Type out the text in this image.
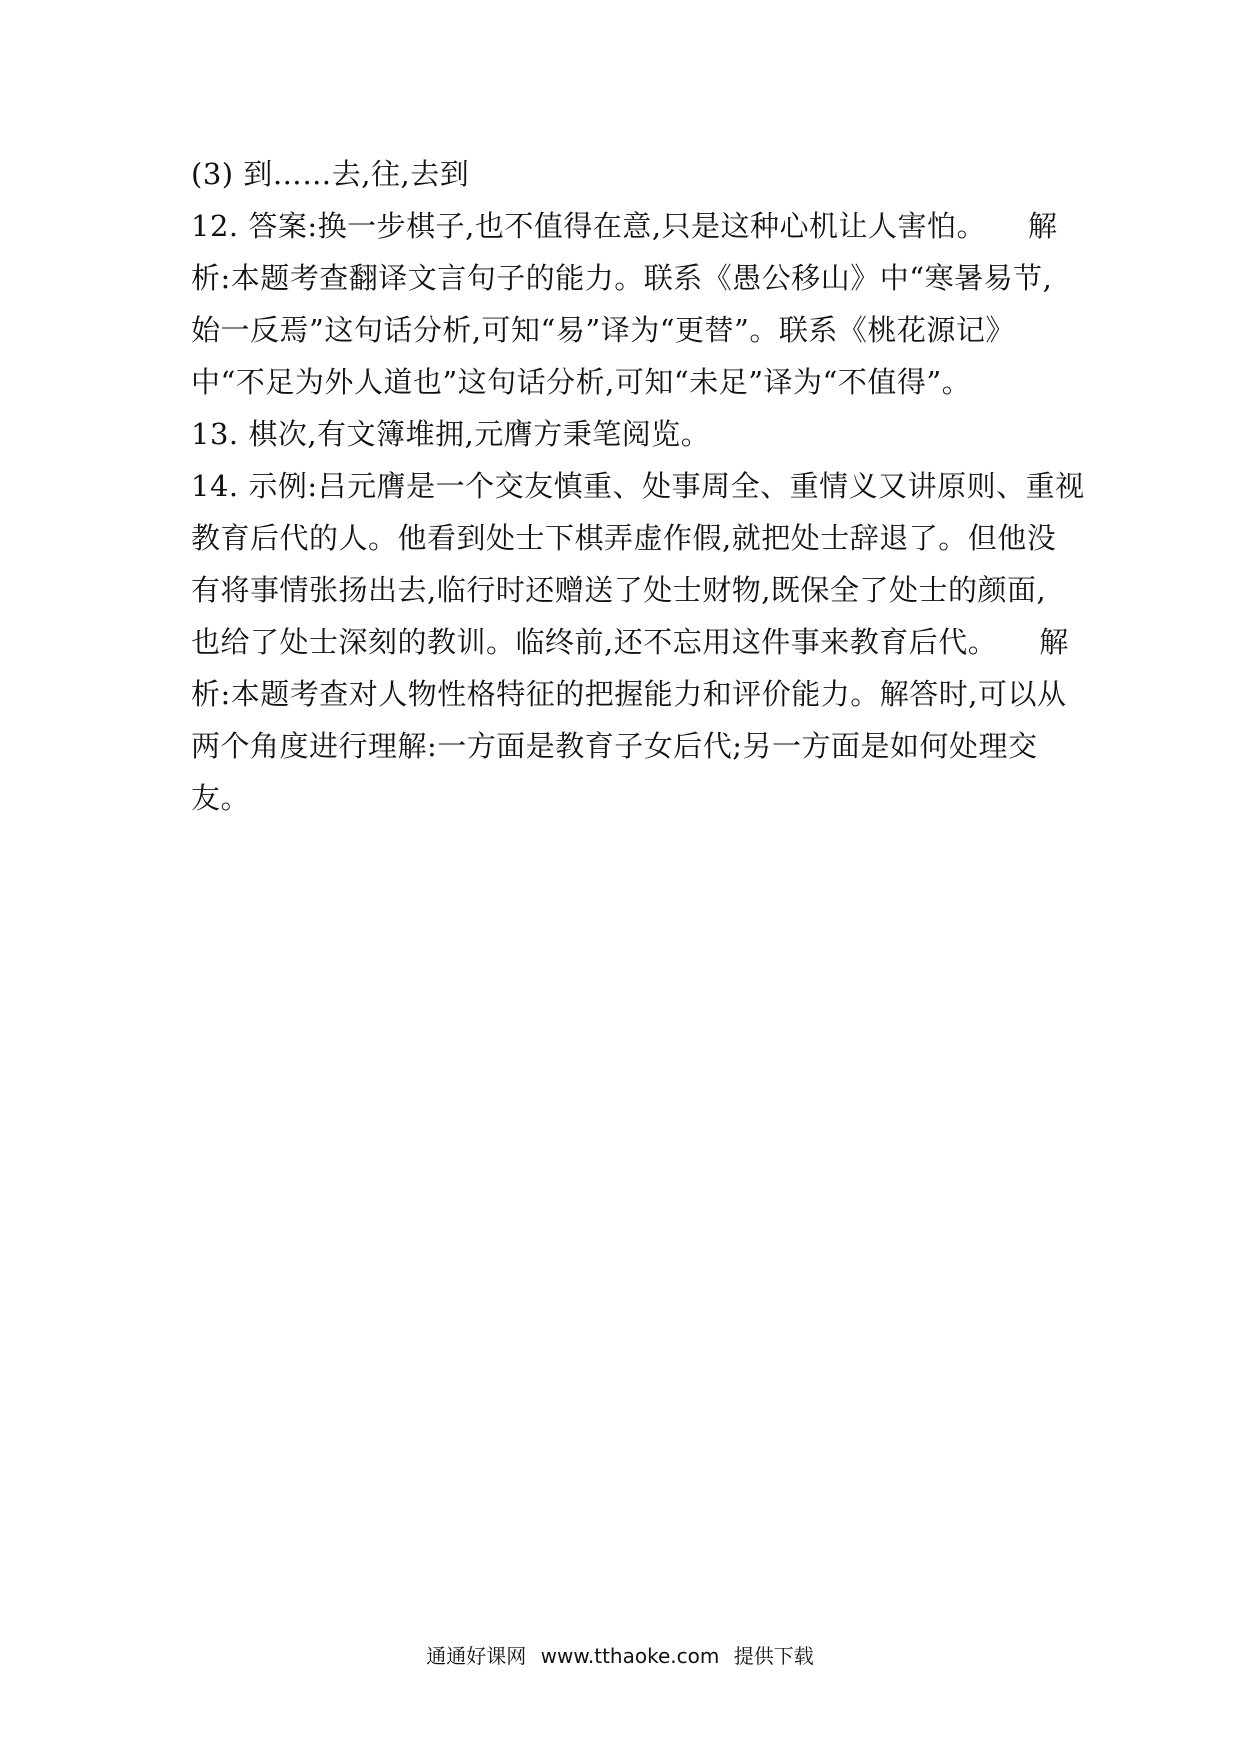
(3) 到……去,往,去到
12. 答案:换一步棋子,也不值得在意,只是这种心机让人害怕。 解
析:本题考查翻译文言句子的能力。联系《愚公移山》中“寒暑易节,
始一反焉”这句话分析,可知“易”译为“更替”。联系《桃花源记》
中“不足为外人道也”这句话分析,可知“未足”译为“不值得”。
13. 棋次,有文簿堆拥,元膺方秉笔阅览。
14. 示例:吕元膺是一个交友慎重、处事周全、重情义又讲原则、重视
教育后代的人。他看到处士下棋弄虚作假,就把处士辞退了。但他没
有将事情张扬出去,临行时还赠送了处士财物,既保全了处士的颜面,
也给了处士深刻的教训。临终前,还不忘用这件事来教育后代。 解
析:本题考查对人物性格特征的把握能力和评价能力。解答时,可以从
两个角度进行理解:一方面是教育子女后代;另一方面是如何处理交
友。
通通好课网 www.tthaoke.com 提供下载
